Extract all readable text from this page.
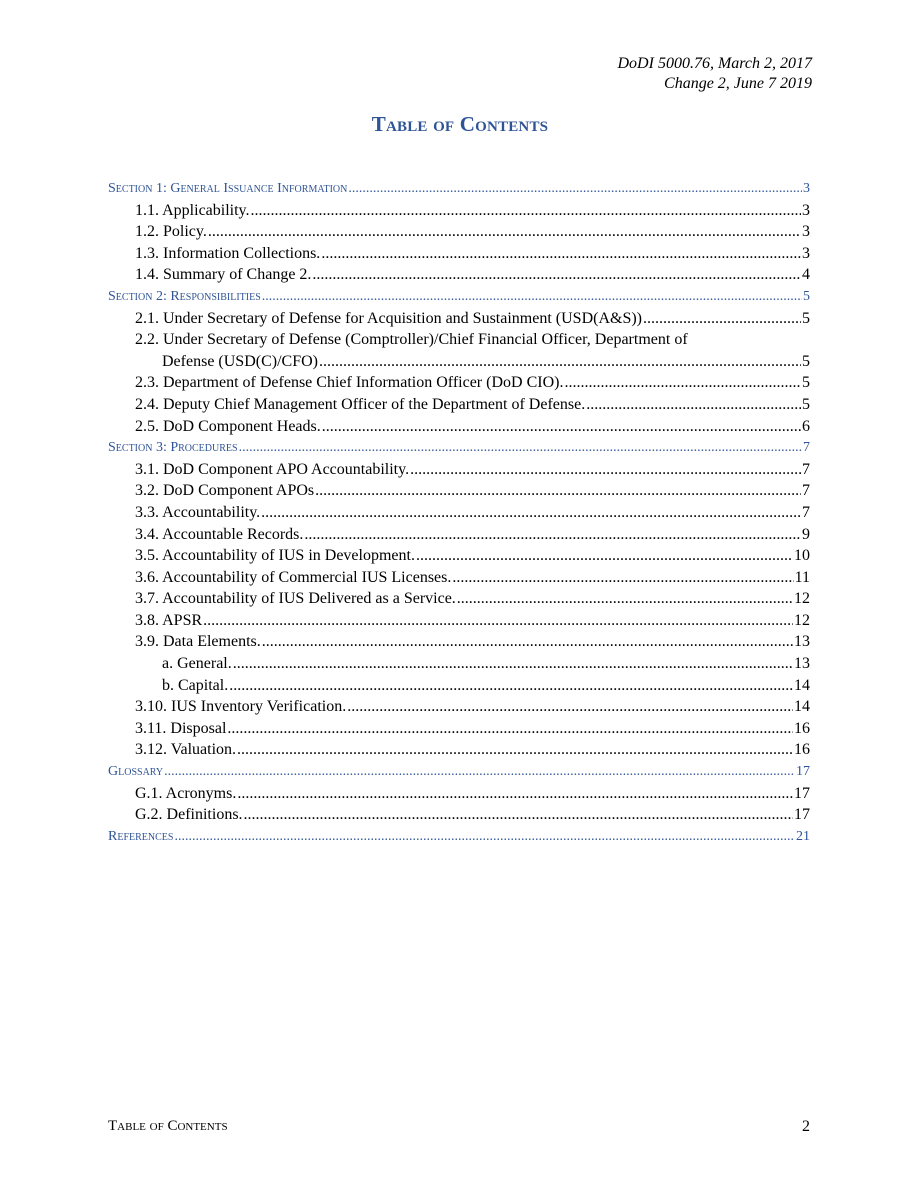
DoDI 5000.76, March 2, 2017
Change 2, June 7 2019
Table of Contents
Section 1: General Issuance Information .....	3
1.1. Applicability. .....	3
1.2. Policy. .....	3
1.3. Information Collections. .....	3
1.4. Summary of Change 2. .....	4
Section 2: Responsibilities .....	5
2.1. Under Secretary of Defense for Acquisition and Sustainment (USD(A&S)) .....	5
2.2. Under Secretary of Defense (Comptroller)/Chief Financial Officer, Department of
Defense (USD(C)/CFO) .....	5
2.3. Department of Defense Chief Information Officer (DoD CIO). .....	5
2.4. Deputy Chief Management Officer of the Department of Defense. .....	5
2.5. DoD Component Heads. .....	6
Section 3: Procedures .....	7
3.1. DoD Component APO Accountability. .....	7
3.2. DoD Component APOs .....	7
3.3. Accountability. .....	7
3.4. Accountable Records. .....	9
3.5. Accountability of IUS in Development. .....	10
3.6. Accountability of Commercial IUS Licenses. .....	11
3.7. Accountability of IUS Delivered as a Service. .....	12
3.8. APSR .....	12
3.9. Data Elements. .....	13
a. General. .....	13
b. Capital. .....	14
3.10. IUS Inventory Verification. .....	14
3.11. Disposal .....	16
3.12. Valuation. .....	16
Glossary .....	17
G.1. Acronyms. .....	17
G.2. Definitions. .....	17
References .....	21
Table of Contents	2
